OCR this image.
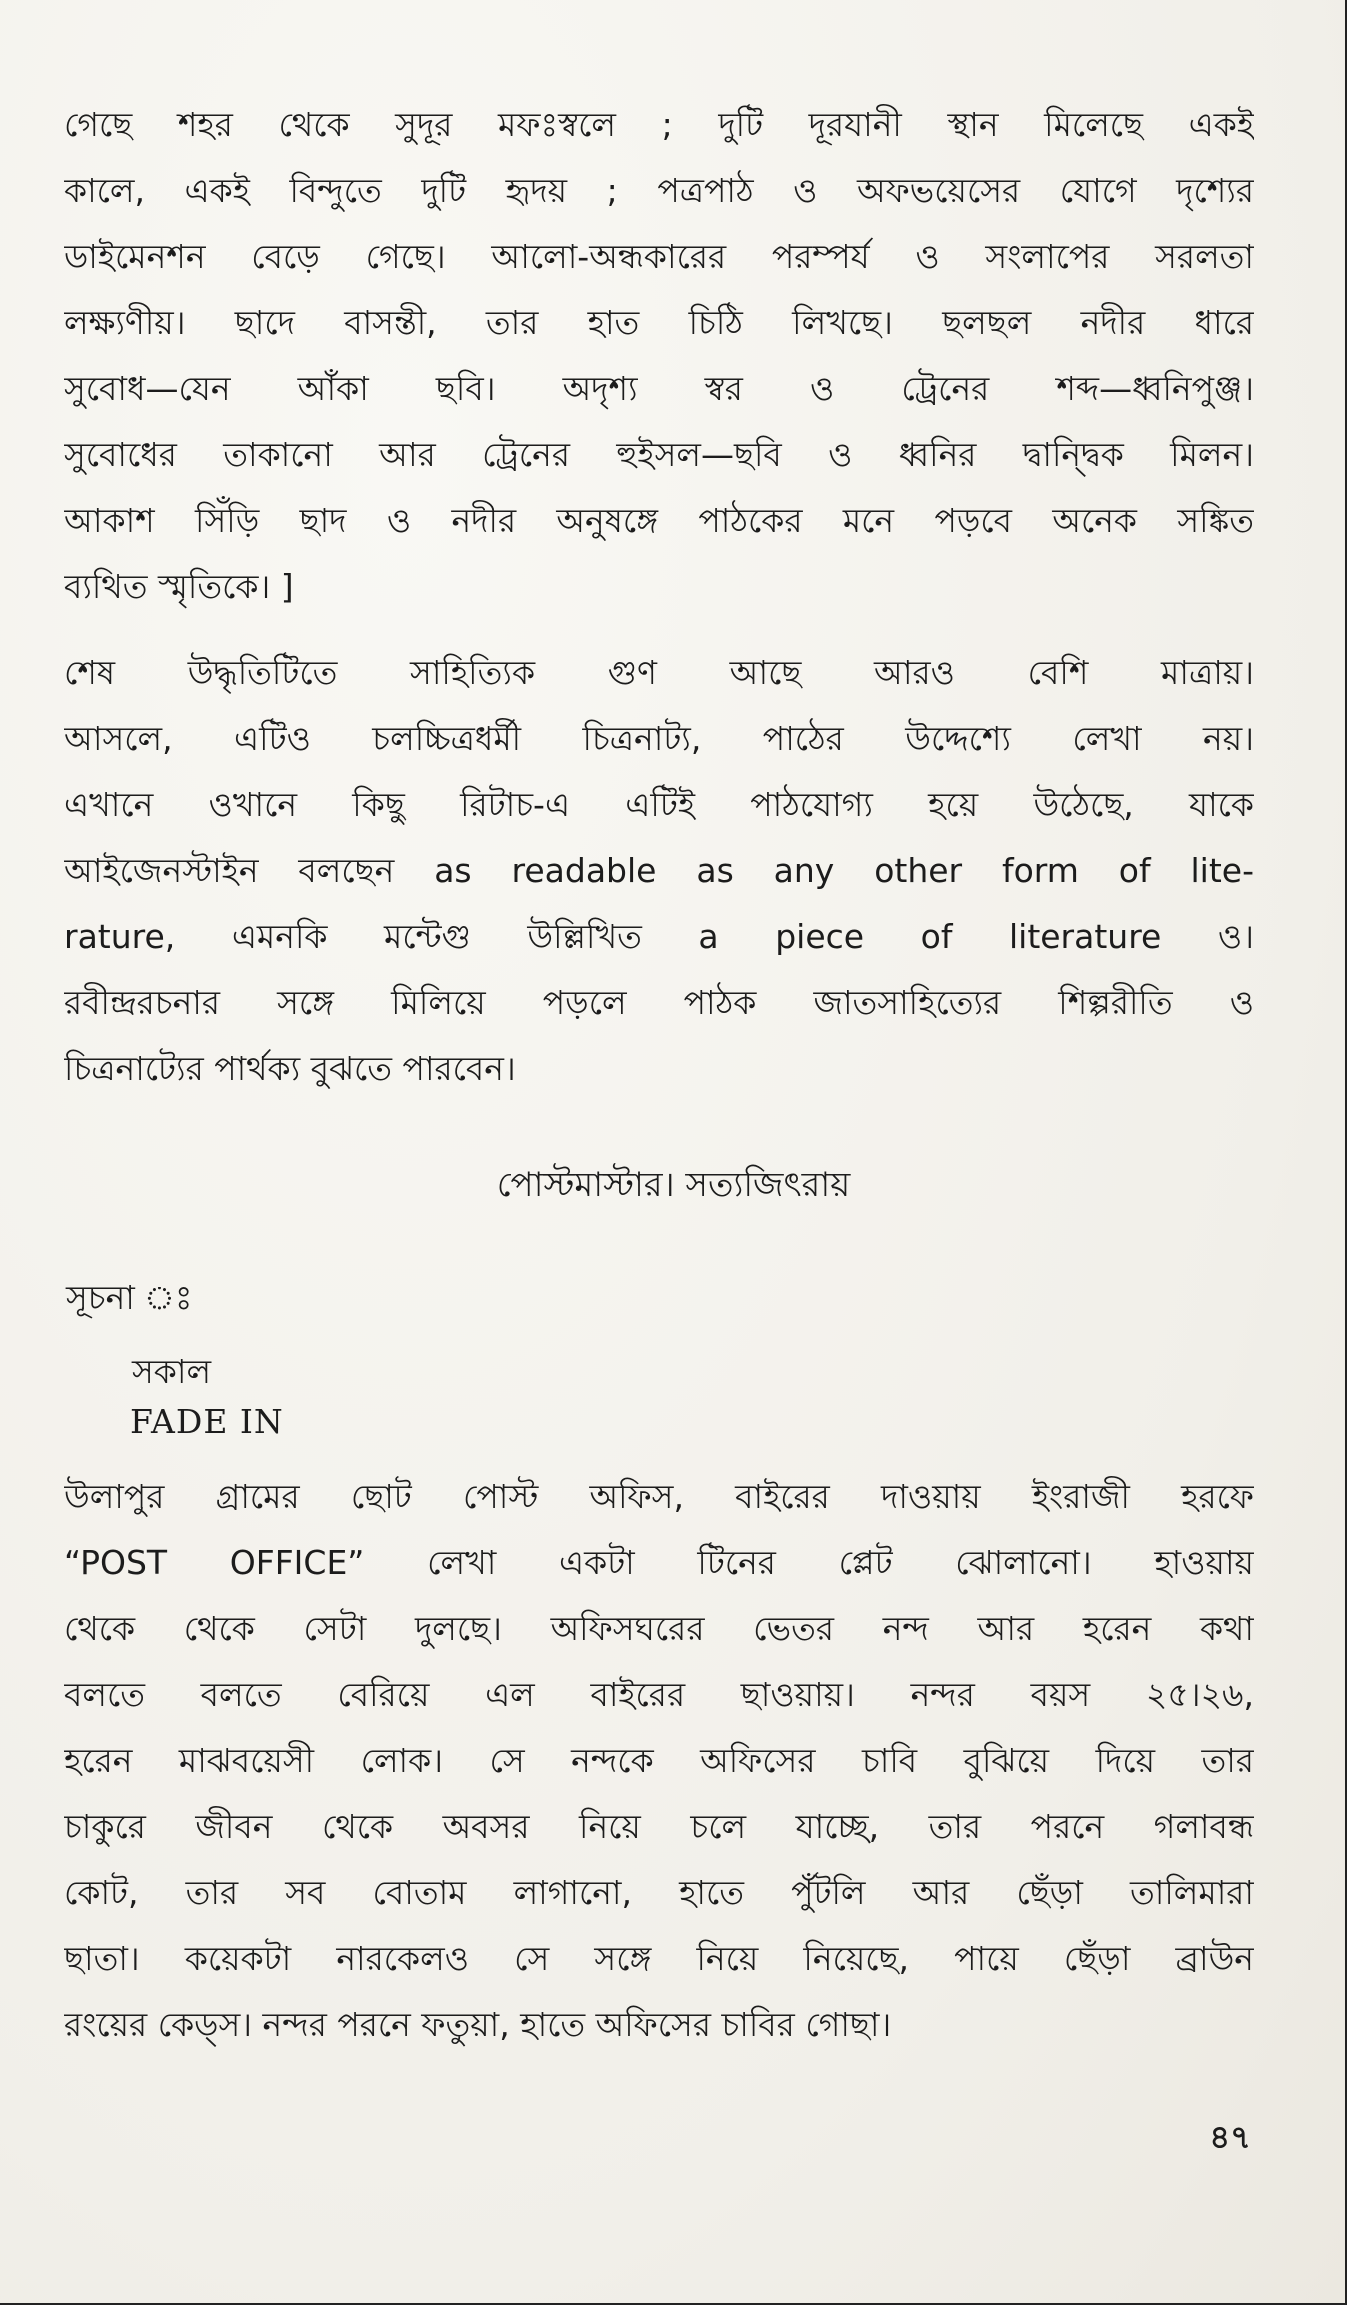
গেছে শহর থেকে সুদূর মফঃস্বলে ; দুটি দূরযানী স্থান মিলেছে একই
কালে, একই বিন্দুতে দুটি হৃদয় ; পত্রপাঠ ও অফভয়েসের যোগে দৃশ্যের
ডাইমেনশন বেড়ে গেছে। আলো-অন্ধকারের পরম্পর্য ও সংলাপের সরলতা
লক্ষ্যণীয়। ছাদে বাসন্তী, তার হাত চিঠি লিখছে। ছলছল নদীর ধারে
সুবোধ—যেন আঁকা ছবি। অদৃশ্য স্বর ও ট্রেনের শব্দ—ধ্বনিপুঞ্জ।
সুবোধের তাকানো আর ট্রেনের হুইসল—ছবি ও ধ্বনির দ্বান্দ্বিক মিলন।
আকাশ সিঁড়ি ছাদ ও নদীর অনুষঙ্গে পাঠকের মনে পড়বে অনেক সঙ্কিত
ব্যথিত স্মৃতিকে। ]
শেষ উদ্ধৃতিটিতে সাহিত্যিক গুণ আছে আরও বেশি মাত্রায়।
আসলে, এটিও চলচ্চিত্রধর্মী চিত্রনাট্য, পাঠের উদ্দেশ্যে লেখা নয়।
এখানে ওখানে কিছু রিটাচ-এ এটিই পাঠযোগ্য হয়ে উঠেছে, যাকে
আইজেনস্টাইন বলছেন as readable as any other form of lite-
rature, এমনকি মন্টেগু উল্লিখিত a piece of literature ও।
রবীন্দ্ররচনার সঙ্গে মিলিয়ে পড়লে পাঠক জাতসাহিত্যের শিল্পরীতি ও
চিত্রনাট্যের পার্থক্য বুঝতে পারবেন।
পোস্টমাস্টার। সত্যজিৎরায়
সূচনা ঃ
সকাল
FADE IN
উলাপুর গ্রামের ছোট পোস্ট অফিস, বাইরের দাওয়ায় ইংরাজী হরফে
“POST OFFICE” লেখা একটা টিনের প্লেট ঝোলানো। হাওয়ায়
থেকে থেকে সেটা দুলছে। অফিসঘরের ভেতর নন্দ আর হরেন কথা
বলতে বলতে বেরিয়ে এল বাইরের ছাওয়ায়। নন্দর বয়স ২৫।২৬,
হরেন মাঝবয়েসী লোক। সে নন্দকে অফিসের চাবি বুঝিয়ে দিয়ে তার
চাকুরে জীবন থেকে অবসর নিয়ে চলে যাচ্ছে, তার পরনে গলাবন্ধ
কোট, তার সব বোতাম লাগানো, হাতে পুঁটলি আর ছেঁড়া তালিমারা
ছাতা। কয়েকটা নারকেলও সে সঙ্গে নিয়ে নিয়েছে, পায়ে ছেঁড়া ব্রাউন
রংয়ের কেড্‌স। নন্দর পরনে ফতুয়া, হাতে অফিসের চাবির গোছা।
৪৭
